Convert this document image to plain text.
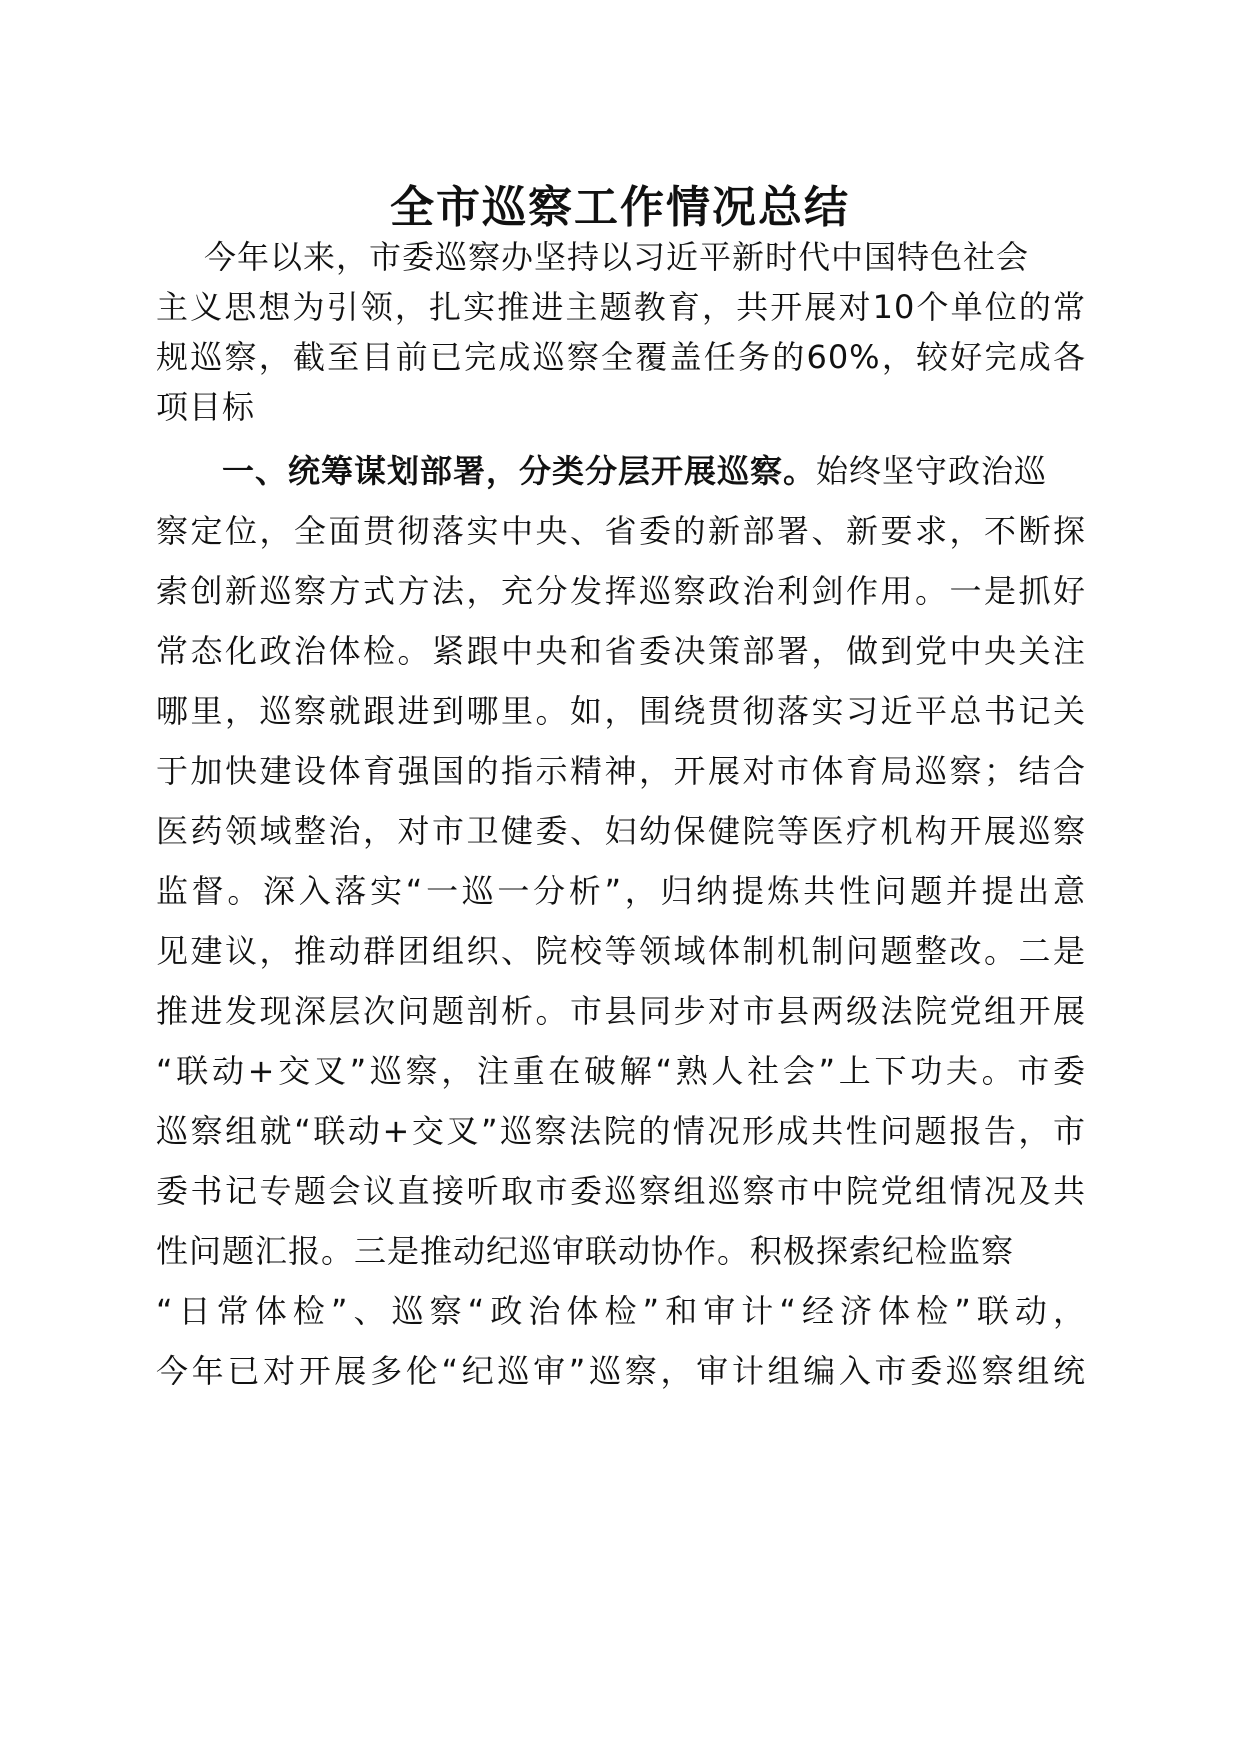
全市巡察工作情况总结
今年以来，市委巡察办坚持以习近平新时代中国特色社会
主义思想为引领，扎实推进主题教育，共开展对10个单位的常
规巡察，截至目前已完成巡察全覆盖任务的60%，较好完成各
项目标
一、统筹谋划部署，分类分层开展巡察。始终坚守政治巡
察定位，全面贯彻落实中央、省委的新部署、新要求，不断探
索创新巡察方式方法，充分发挥巡察政治利剑作用。一是抓好
常态化政治体检。紧跟中央和省委决策部署，做到党中央关注
哪里，巡察就跟进到哪里。如，围绕贯彻落实习近平总书记关
于加快建设体育强国的指示精神，开展对市体育局巡察；结合
医药领域整治，对市卫健委、妇幼保健院等医疗机构开展巡察
监督。深入落实“一巡一分析”，归纳提炼共性问题并提出意
见建议，推动群团组织、院校等领域体制机制问题整改。二是
推进发现深层次问题剖析。市县同步对市县两级法院党组开展
“联动+交叉”巡察，注重在破解“熟人社会”上下功夫。市委
巡察组就“联动+交叉”巡察法院的情况形成共性问题报告，市
委书记专题会议直接听取市委巡察组巡察市中院党组情况及共
性问题汇报。三是推动纪巡审联动协作。积极探索纪检监察
“日常体检”、巡察“政治体检”和审计“经济体检”联动，
今年已对开展多伦“纪巡审”巡察，审计组编入市委巡察组统
